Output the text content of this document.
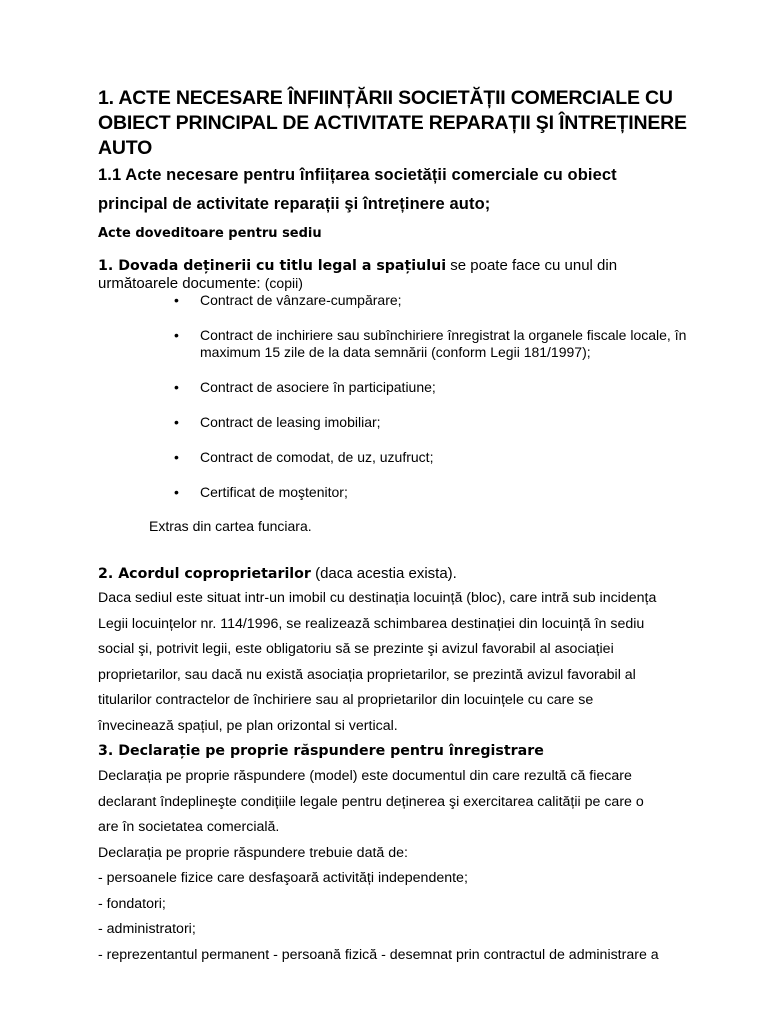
1. ACTE NECESARE ÎNFIINȚĂRII SOCIETĂȚII COMERCIALE CU
OBIECT PRINCIPAL DE ACTIVITATE REPARAȚII ŞI ÎNTREȚINERE
AUTO
1.1 Acte necesare pentru înfiițarea societății comerciale cu obiect
principal de activitate reparații şi întreținere auto;
Acte doveditoare pentru sediu

1. Dovada deținerii cu titlu legal a spațiului se poate face cu unul din
următoarele documente: (copii)

• Contract de vânzare-cumpărare;
• Contract de inchiriere sau subînchiriere înregistrat la organele fiscale locale, în maximum 15 zile de la data semnării (conform Legii 181/1997);
• Contract de asociere în participatiune;
• Contract de leasing imobiliar;
• Contract de comodat, de uz, uzufruct;
• Certificat de moştenitor;

Extras din cartea funciara.

2. Acordul coproprietarilor (daca acestia exista).

Daca sediul este situat intr-un imobil cu destinația locuință (bloc), care intră sub incidența
Legii locuințelor nr. 114/1996, se realizează schimbarea destinației din locuință în sediu
social şi, potrivit legii, este obligatoriu să se prezinte şi avizul favorabil al asociației
proprietarilor, sau dacă nu există asociația proprietarilor, se prezintă avizul favorabil al
titularilor contractelor de închiriere sau al proprietarilor din locuințele cu care se
învecinează spațiul, pe plan orizontal si vertical.

3. Declarație pe proprie răspundere pentru înregistrare

Declarația pe proprie răspundere (model) este documentul din care rezultă că fiecare
declarant îndeplineşte condițiile legale pentru deținerea şi exercitarea calității pe care o
are în societatea comercială.
Declarația pe proprie răspundere trebuie dată de:
- persoanele fizice care desfaşoară activități independente;
- fondatori;
- administratori;
- reprezentantul permanent - persoană fizică - desemnat prin contractul de administrare a
